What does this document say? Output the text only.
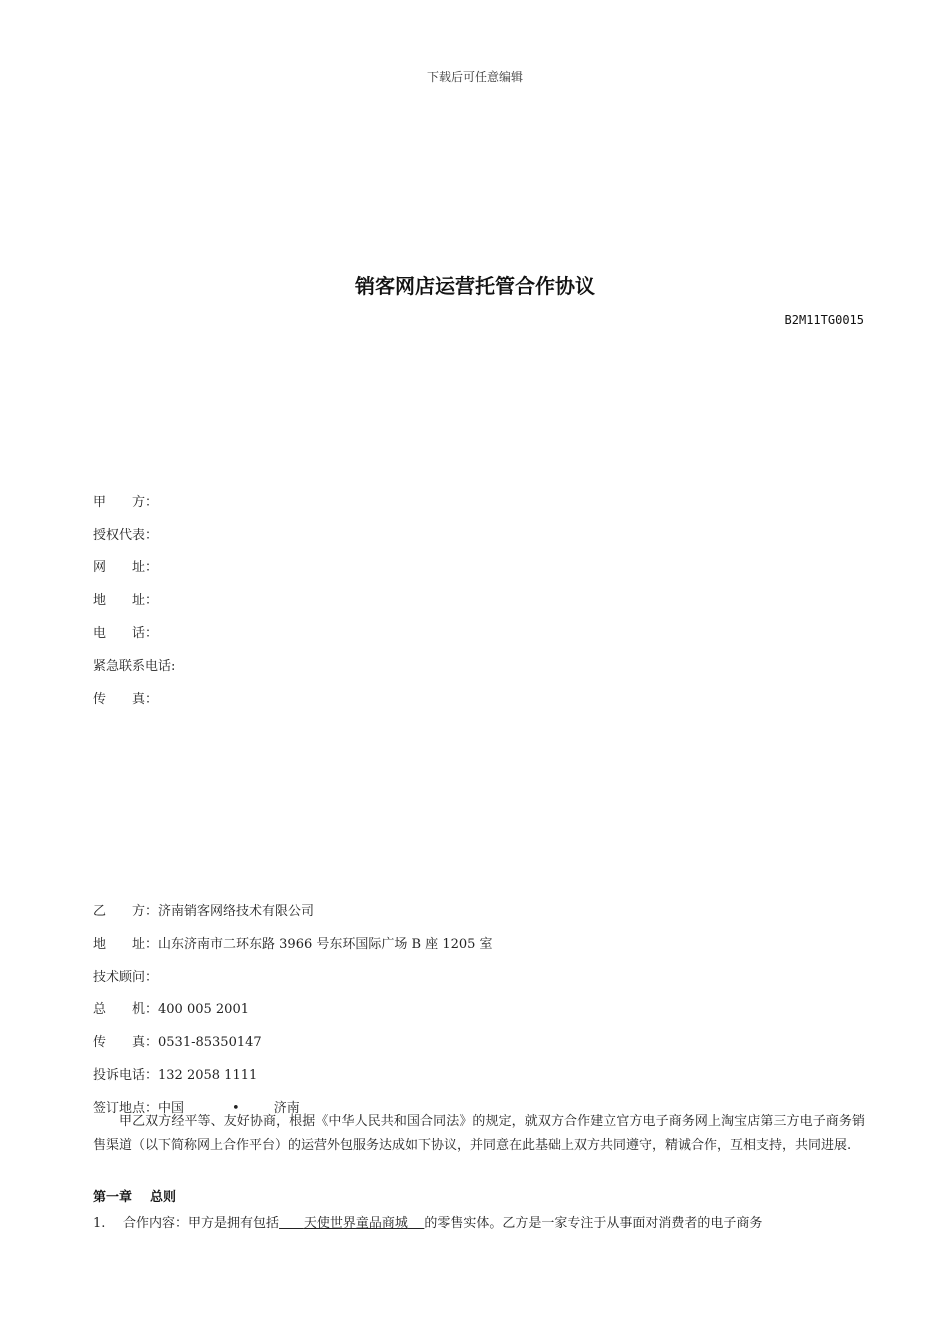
下载后可任意编辑
销客网店运营托管合作协议
B2M11TG0015
甲　　方：
授权代表：
网　　址：
地　　址：
电　　话：
紧急联系电话:
传　　真：
乙　　方：济南销客网络技术有限公司
地　　址：山东济南市二环东路 3966 号东环国际广场 B 座 1205 室
技术顾问：
总　　机：400 005 2001
传　　真：0531-85350147
投诉电话：132 2058 1111
签订地点：中国	•	济南
甲乙双方经平等、友好协商，根据《中华人民共和国合同法》的规定，就双方合作建立官方电子商务网上淘宝店第三方电子商务销售渠道（以下简称网上合作平台）的运营外包服务达成如下协议，并同意在此基础上双方共同遵守，精诚合作，互相支持，共同进展.
第一章 总则
1. 合作内容：甲方是拥有包括 天使世界童品商城 的零售实体。乙方是一家专注于从事面对消费者的电子商务
